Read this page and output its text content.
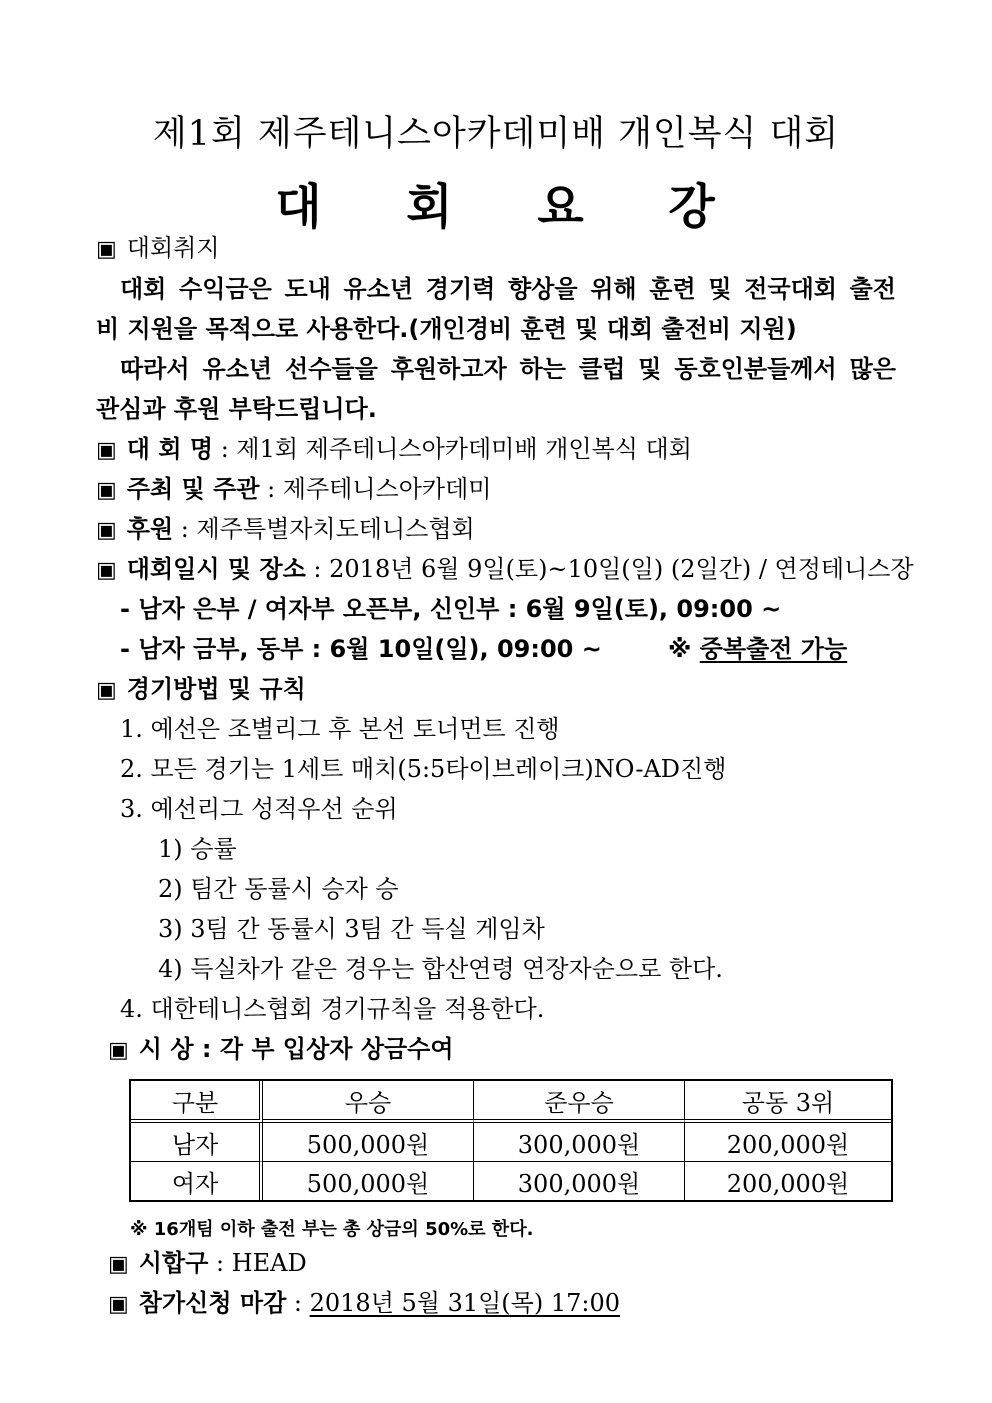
제1회 제주테니스아카데미배 개인복식 대회
대 회 요 강
▣ 대회취지
대회 수익금은 도내 유소년 경기력 향상을 위해 훈련 및 전국대회 출전
비 지원을 목적으로 사용한다.(개인경비 훈련 및 대회 출전비 지원)
따라서 유소년 선수들을 후원하고자 하는 클럽 및 동호인분들께서 많은
관심과 후원 부탁드립니다.
▣ 대 회 명 : 제1회 제주테니스아카데미배 개인복식 대회
▣ 주최 및 주관 : 제주테니스아카데미
▣ 후원 : 제주특별자치도테니스협회
▣ 대회일시 및 장소 : 2018년 6월 9일(토)~10일(일) (2일간) / 연정테니스장
- 남자 은부 / 여자부 오픈부, 신인부 : 6월 9일(토), 09:00 ~
- 남자 금부, 동부 : 6월 10일(일), 09:00 ~	※ 중복출전 가능
▣ 경기방법 및 규칙
1. 예선은 조별리그 후 본선 토너먼트 진행
2. 모든 경기는 1세트 매치(5:5타이브레이크)NO-AD진행
3. 예선리그 성적우선 순위
1) 승률
2) 팀간 동률시 승자 승
3) 3팀 간 동률시 3팀 간 득실 게임차
4) 득실차가 같은 경우는 합산연령 연장자순으로 한다.
4. 대한테니스협회 경기규칙을 적용한다.
▣ 시 상 : 각 부 입상자 상금수여
구분	우승	준우승	공동 3위
남자	500,000원	300,000원	200,000원
여자	500,000원	300,000원	200,000원
※ 16개팀 이하 출전 부는 총 상금의 50%로 한다.
▣ 시합구 : HEAD
▣ 참가신청 마감 : 2018년 5월 31일(목) 17:00
